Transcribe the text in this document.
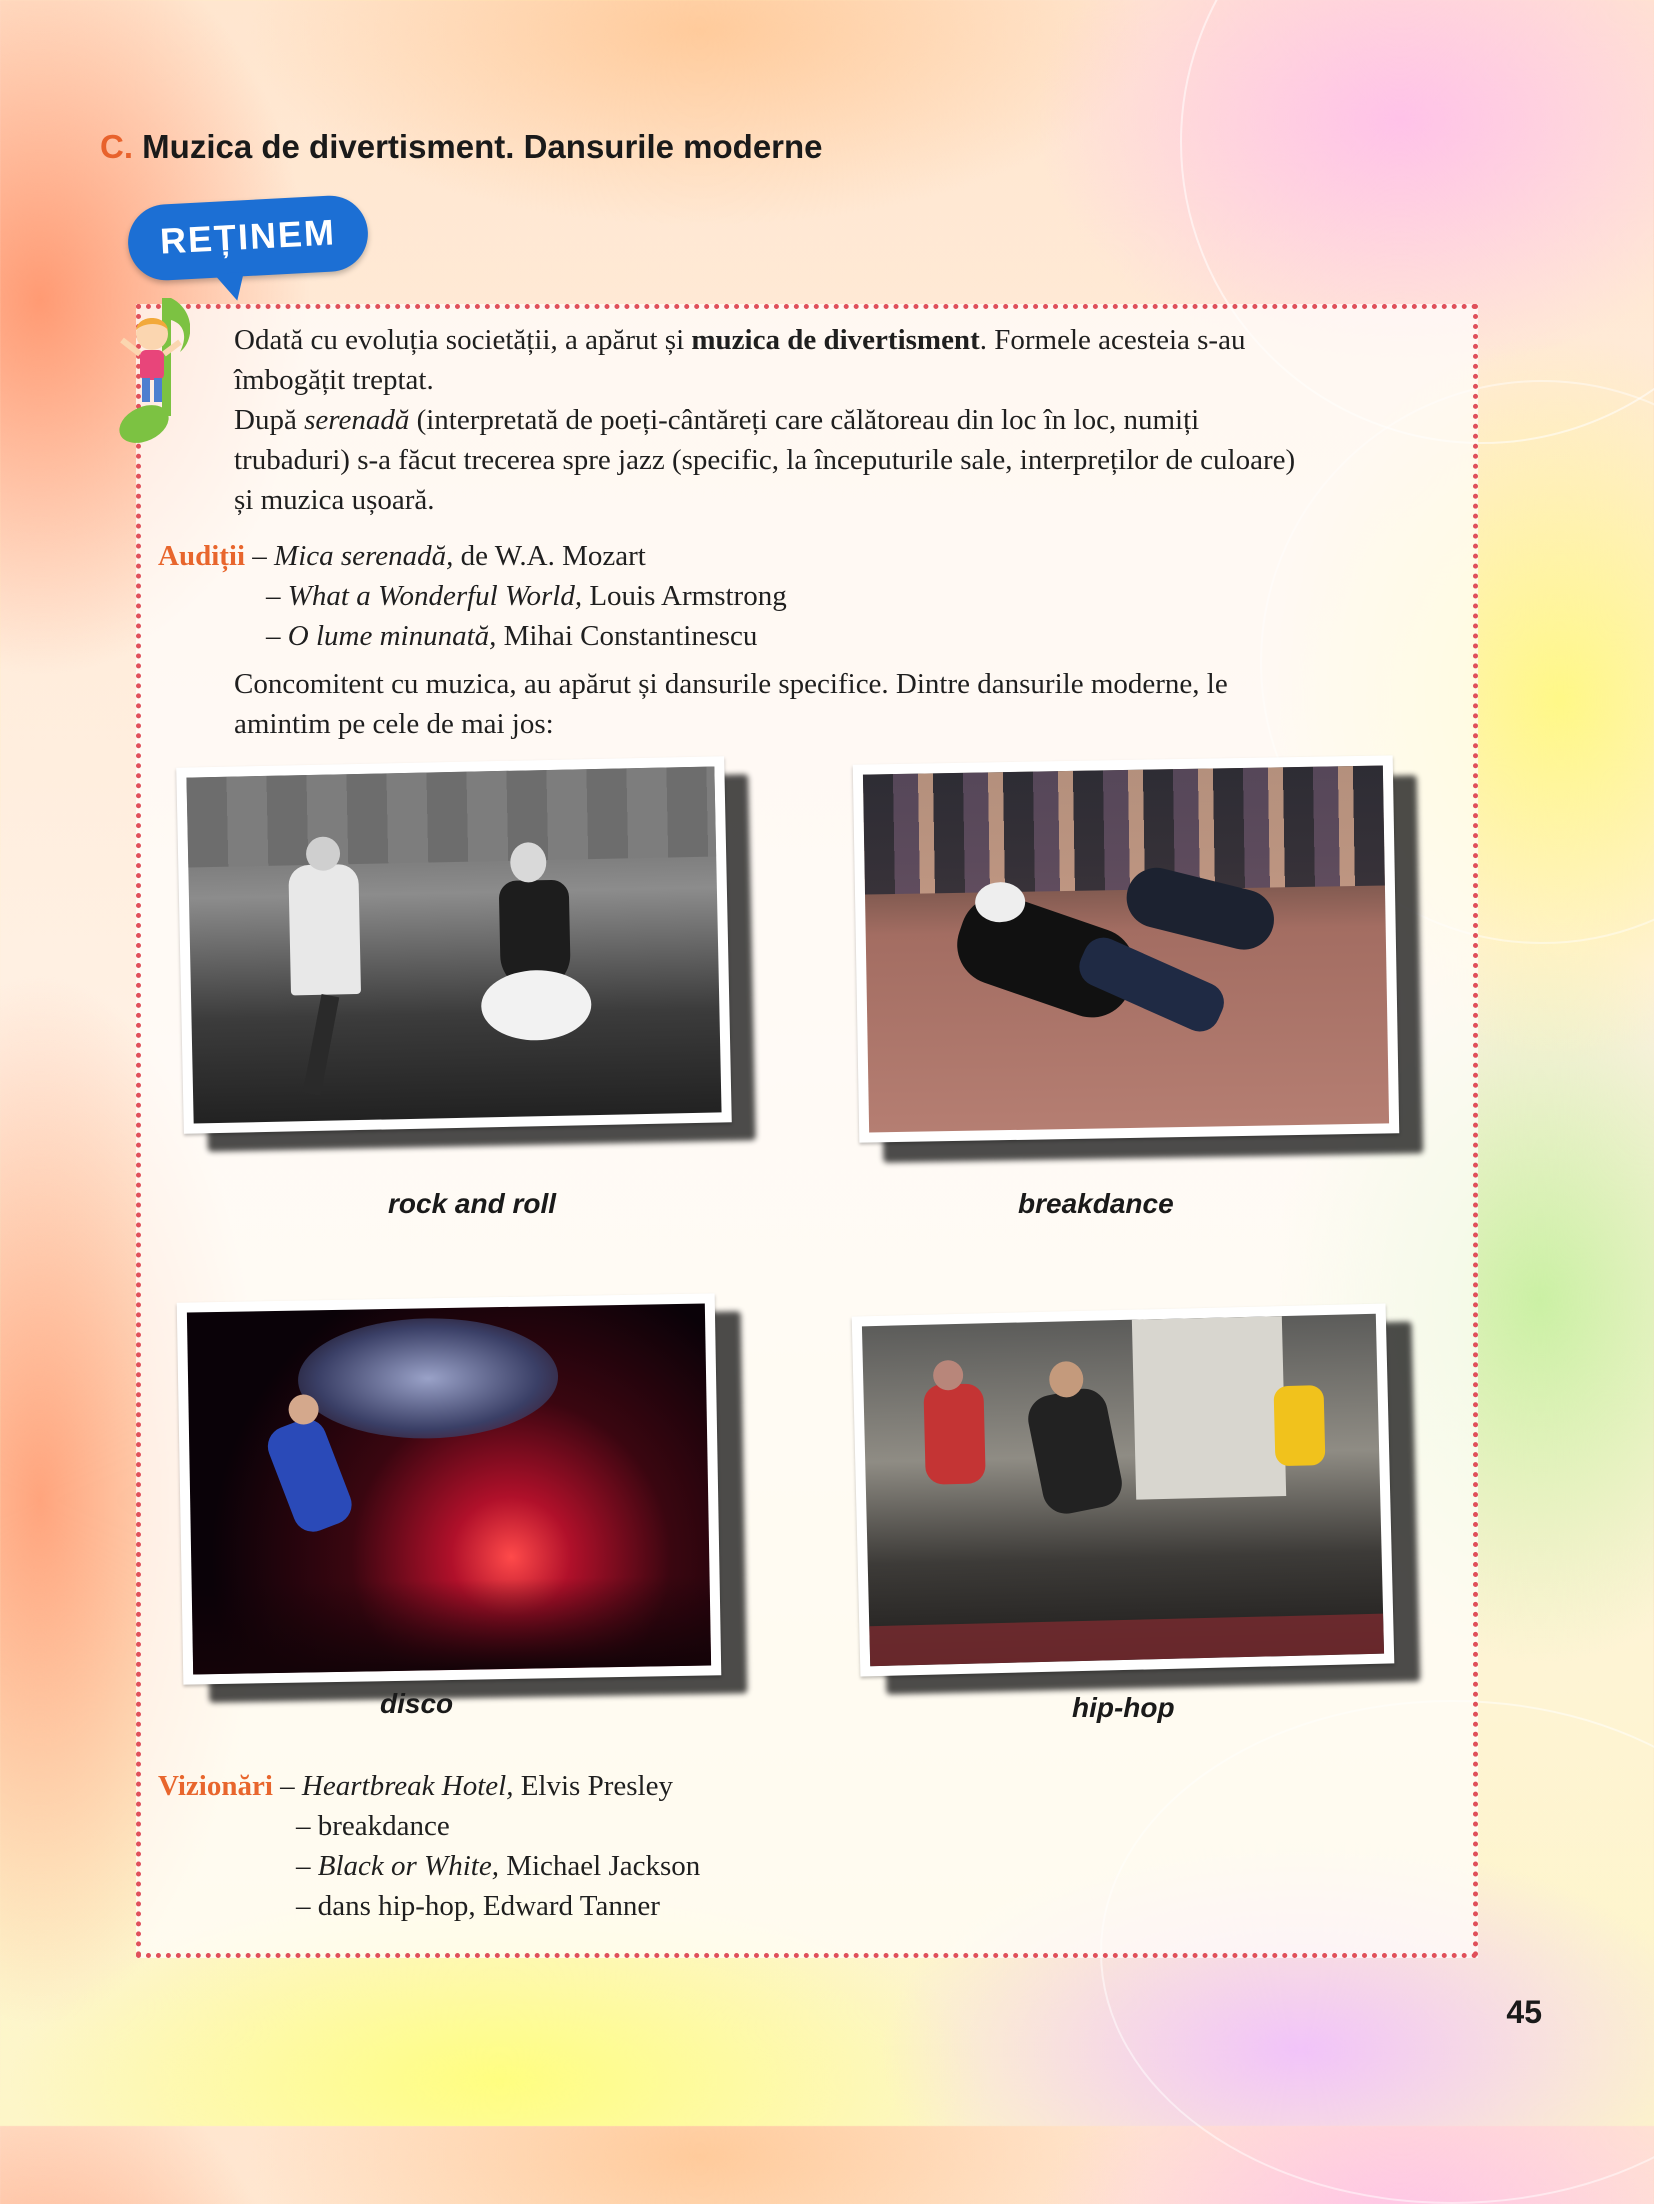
C. Muzica de divertisment. Dansurile moderne
REȚINEM
Odată cu evoluția societății, a apărut și muzica de divertisment. Formele acesteia s-au
îmbogățit treptat.
După serenadă (interpretată de poeți-cântăreți care călătoreau din loc în loc, numiți
trubaduri) s-a făcut trecerea spre jazz (specific, la începuturile sale, interpreților de culoare)
și muzica ușoară.
Audiții – Mica serenadă, de W.A. Mozart
– What a Wonderful World, Louis Armstrong
– O lume minunată, Mihai Constantinescu
Concomitent cu muzica, au apărut și dansurile specifice. Dintre dansurile moderne, le
amintim pe cele de mai jos:
rock and roll	breakdance
disco	hip-hop
Vizionări – Heartbreak Hotel, Elvis Presley
– breakdance
– Black or White, Michael Jackson
– dans hip-hop, Edward Tanner
45
